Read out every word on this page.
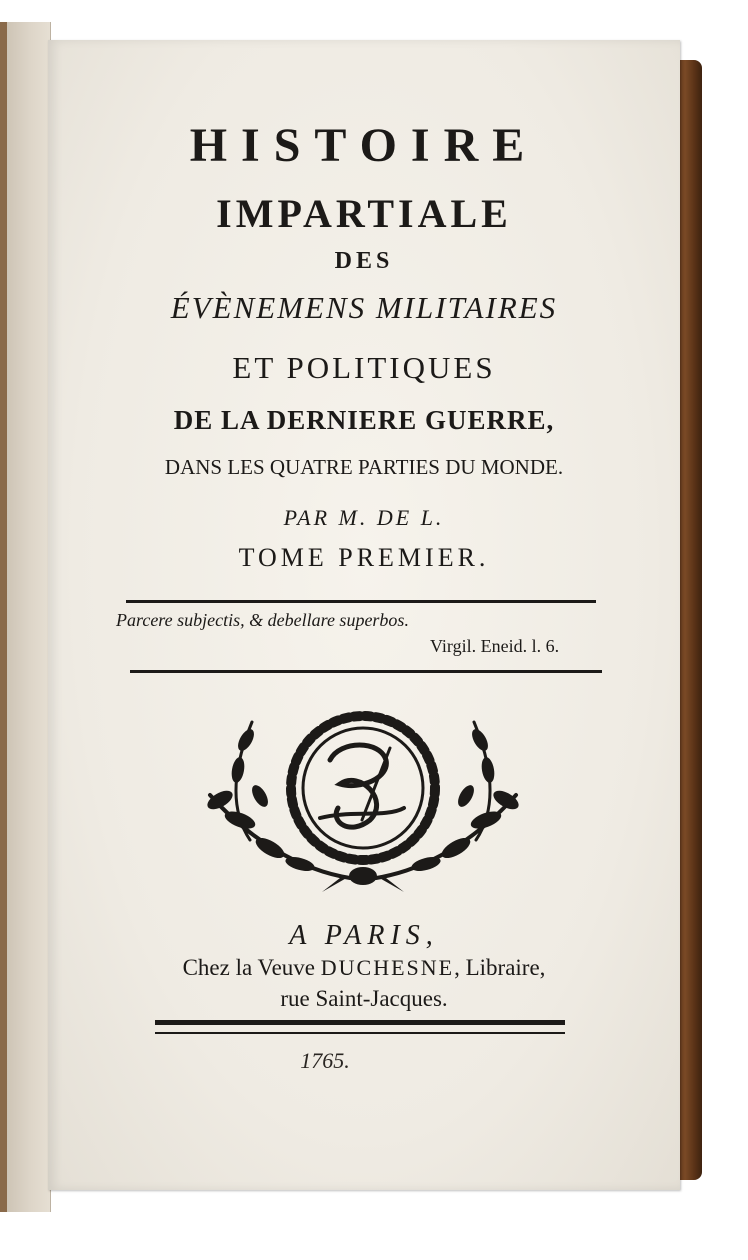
HISTOIRE
IMPARTIALE
DES
ÉVÈNEMENS MILITAIRES
ET POLITIQUES
DE LA DERNIERE GUERRE,
DANS LES QUATRE PARTIES DU MONDE.
PAR M. DE L.
TOME PREMIER.
Parcere subjectis, & debellare superbos.
Virgil. Eneid. l. 6.
A PARIS,
Chez la Veuve DUCHESNE, Libraire,
rue Saint-Jacques.
1765.
